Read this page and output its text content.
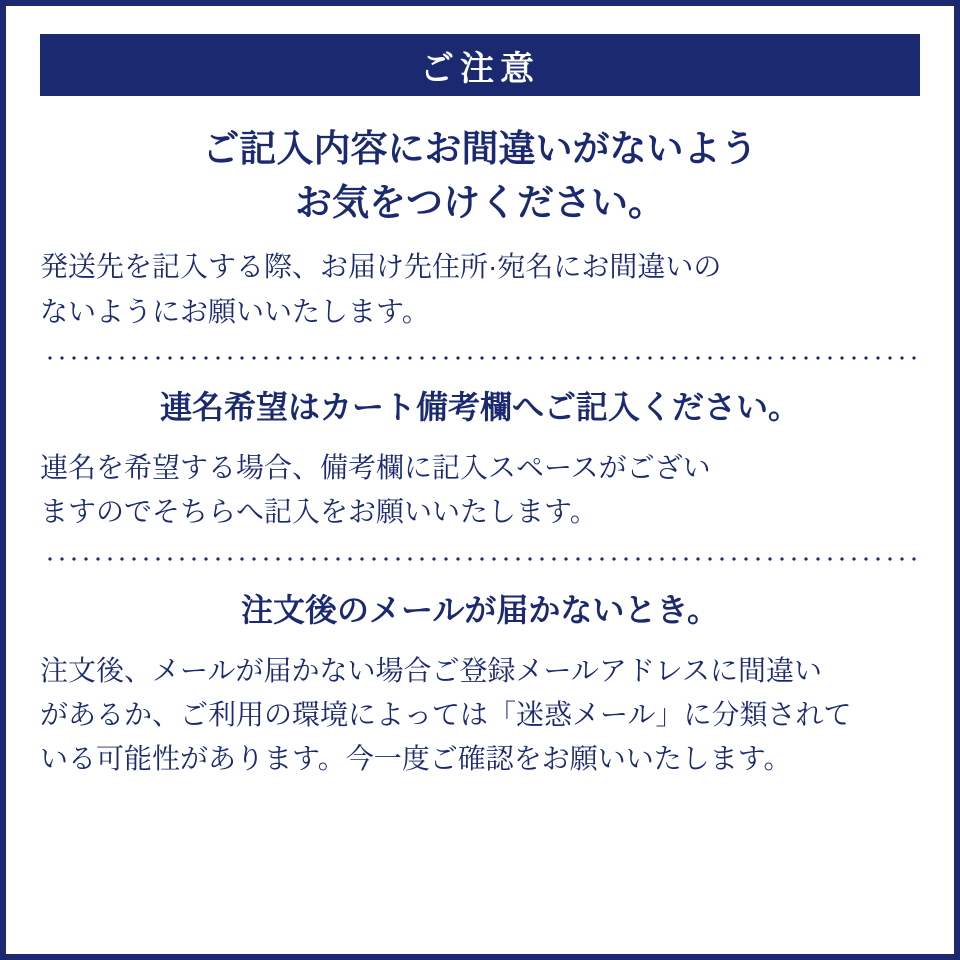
ご注意
ご記入内容にお間違いがないよう
お気をつけください。
発送先を記入する際、お届け先住所·宛名にお間違いの
ないようにお願いいたします。
連名希望はカート備考欄へご記入ください。
連名を希望する場合、備考欄に記入スペースがござい
ますのでそちらへ記入をお願いいたします。
注文後のメールが届かないとき。
注文後、メールが届かない場合ご登録メールアドレスに間違い
があるか、ご利用の環境によっては「迷惑メール」に分類されて
いる可能性があります。今一度ご確認をお願いいたします。
